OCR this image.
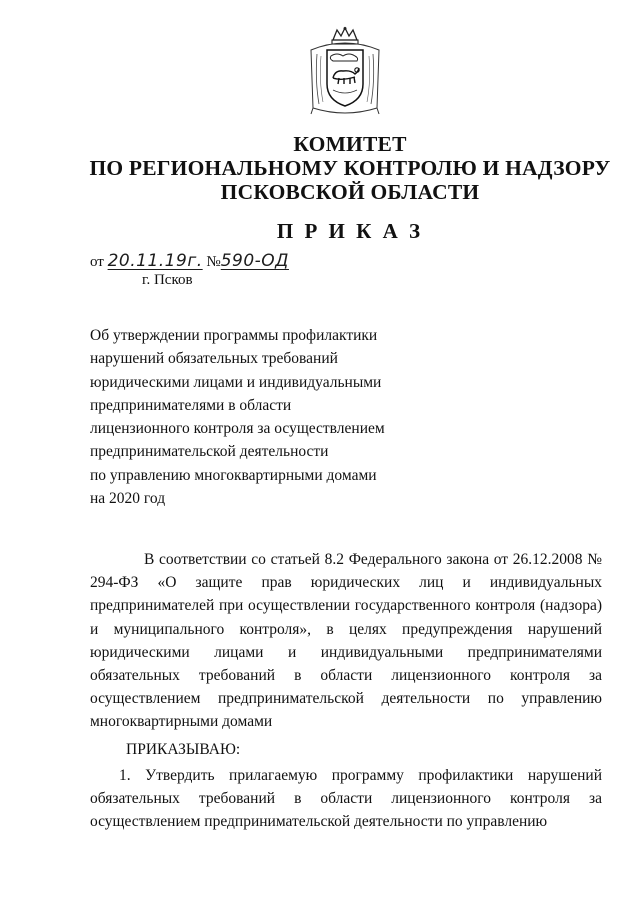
КОМИТЕТ
ПО РЕГИОНАЛЬНОМУ КОНТРОЛЮ И НАДЗОРУ
ПСКОВСКОЙ ОБЛАСТИ
П Р И К А З
от 20.11.19г. №590-ОД
г. Псков
Об утверждении программы профилактики
нарушений обязательных требований
юридическими лицами и индивидуальными
предпринимателями в области
лицензионного контроля за осуществлением
предпринимательской деятельности
по управлению многоквартирными домами
на 2020 год
В соответствии со статьей 8.2 Федерального закона от 26.12.2008 № 294-ФЗ «О защите прав юридических лиц и индивидуальных предпринимателей при осуществлении государственного контроля (надзора) и муниципального контроля», в целях предупреждения нарушений юридическими лицами и индивидуальными предпринимателями обязательных требований в области лицензионного контроля за осуществлением предпринимательской деятельности по управлению многоквартирными домами
ПРИКАЗЫВАЮ:
1. Утвердить прилагаемую программу профилактики нарушений обязательных требований в области лицензионного контроля за осуществлением предпринимательской деятельности по управлению
